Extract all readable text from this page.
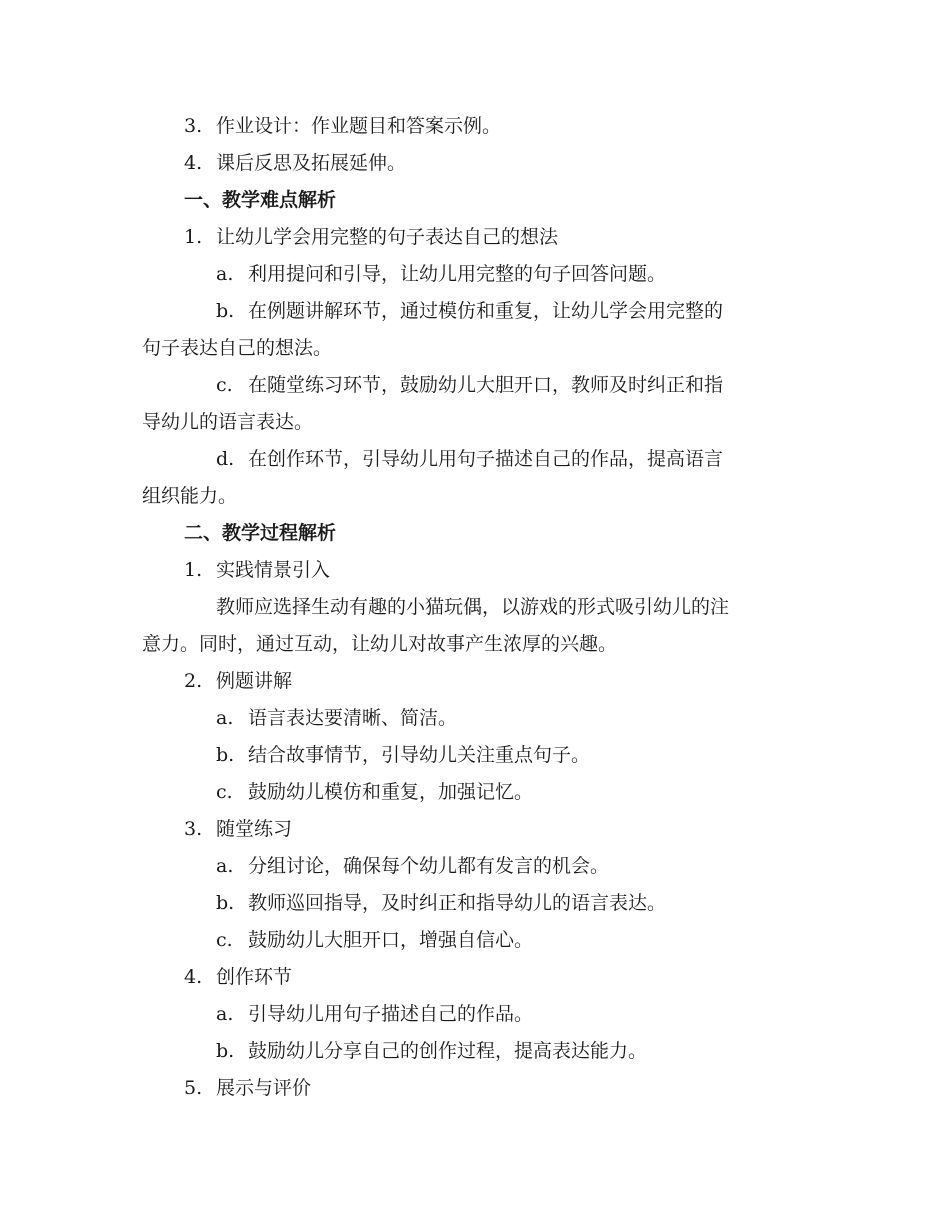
3. 作业设计：作业题目和答案示例。
4. 课后反思及拓展延伸。
一、教学难点解析
1. 让幼儿学会用完整的句子表达自己的想法
a. 利用提问和引导，让幼儿用完整的句子回答问题。
b. 在例题讲解环节，通过模仿和重复，让幼儿学会用完整的
句子表达自己的想法。
c. 在随堂练习环节，鼓励幼儿大胆开口，教师及时纠正和指
导幼儿的语言表达。
d. 在创作环节，引导幼儿用句子描述自己的作品，提高语言
组织能力。
二、教学过程解析
1. 实践情景引入
教师应选择生动有趣的小猫玩偶，以游戏的形式吸引幼儿的注
意力。同时，通过互动，让幼儿对故事产生浓厚的兴趣。
2. 例题讲解
a. 语言表达要清晰、简洁。
b. 结合故事情节，引导幼儿关注重点句子。
c. 鼓励幼儿模仿和重复，加强记忆。
3. 随堂练习
a. 分组讨论，确保每个幼儿都有发言的机会。
b. 教师巡回指导，及时纠正和指导幼儿的语言表达。
c. 鼓励幼儿大胆开口，增强自信心。
4. 创作环节
a. 引导幼儿用句子描述自己的作品。
b. 鼓励幼儿分享自己的创作过程，提高表达能力。
5. 展示与评价
